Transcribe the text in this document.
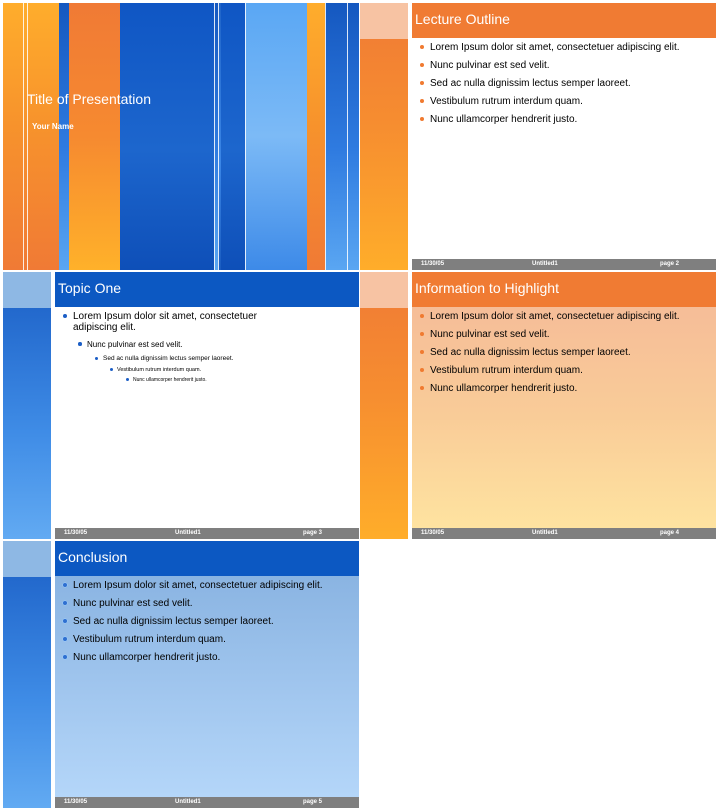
Title of Presentation
Your Name
Lecture Outline
Lorem Ipsum dolor sit amet, consectetuer adipiscing elit.
Nunc pulvinar est sed velit.
Sed ac nulla dignissim lectus semper laoreet.
Vestibulum rutrum interdum quam.
Nunc ullamcorper hendrerit justo.
11/30/05	Untitled1	page 2
Topic One
Lorem Ipsum dolor sit amet, consectetuer adipiscing elit.
Nunc pulvinar est sed velit.
Sed ac nulla dignissim lectus semper laoreet.
Vestibulum rutrum interdum quam.
Nunc ullamcorper hendrerit justo.
11/30/05	Untitled1	page 3
Information to Highlight
Lorem Ipsum dolor sit amet, consectetuer adipiscing elit.
Nunc pulvinar est sed velit.
Sed ac nulla dignissim lectus semper laoreet.
Vestibulum rutrum interdum quam.
Nunc ullamcorper hendrerit justo.
11/30/05	Untitled1	page 4
Conclusion
Lorem Ipsum dolor sit amet, consectetuer adipiscing elit.
Nunc pulvinar est sed velit.
Sed ac nulla dignissim lectus semper laoreet.
Vestibulum rutrum interdum quam.
Nunc ullamcorper hendrerit justo.
11/30/05	Untitled1	page 5
